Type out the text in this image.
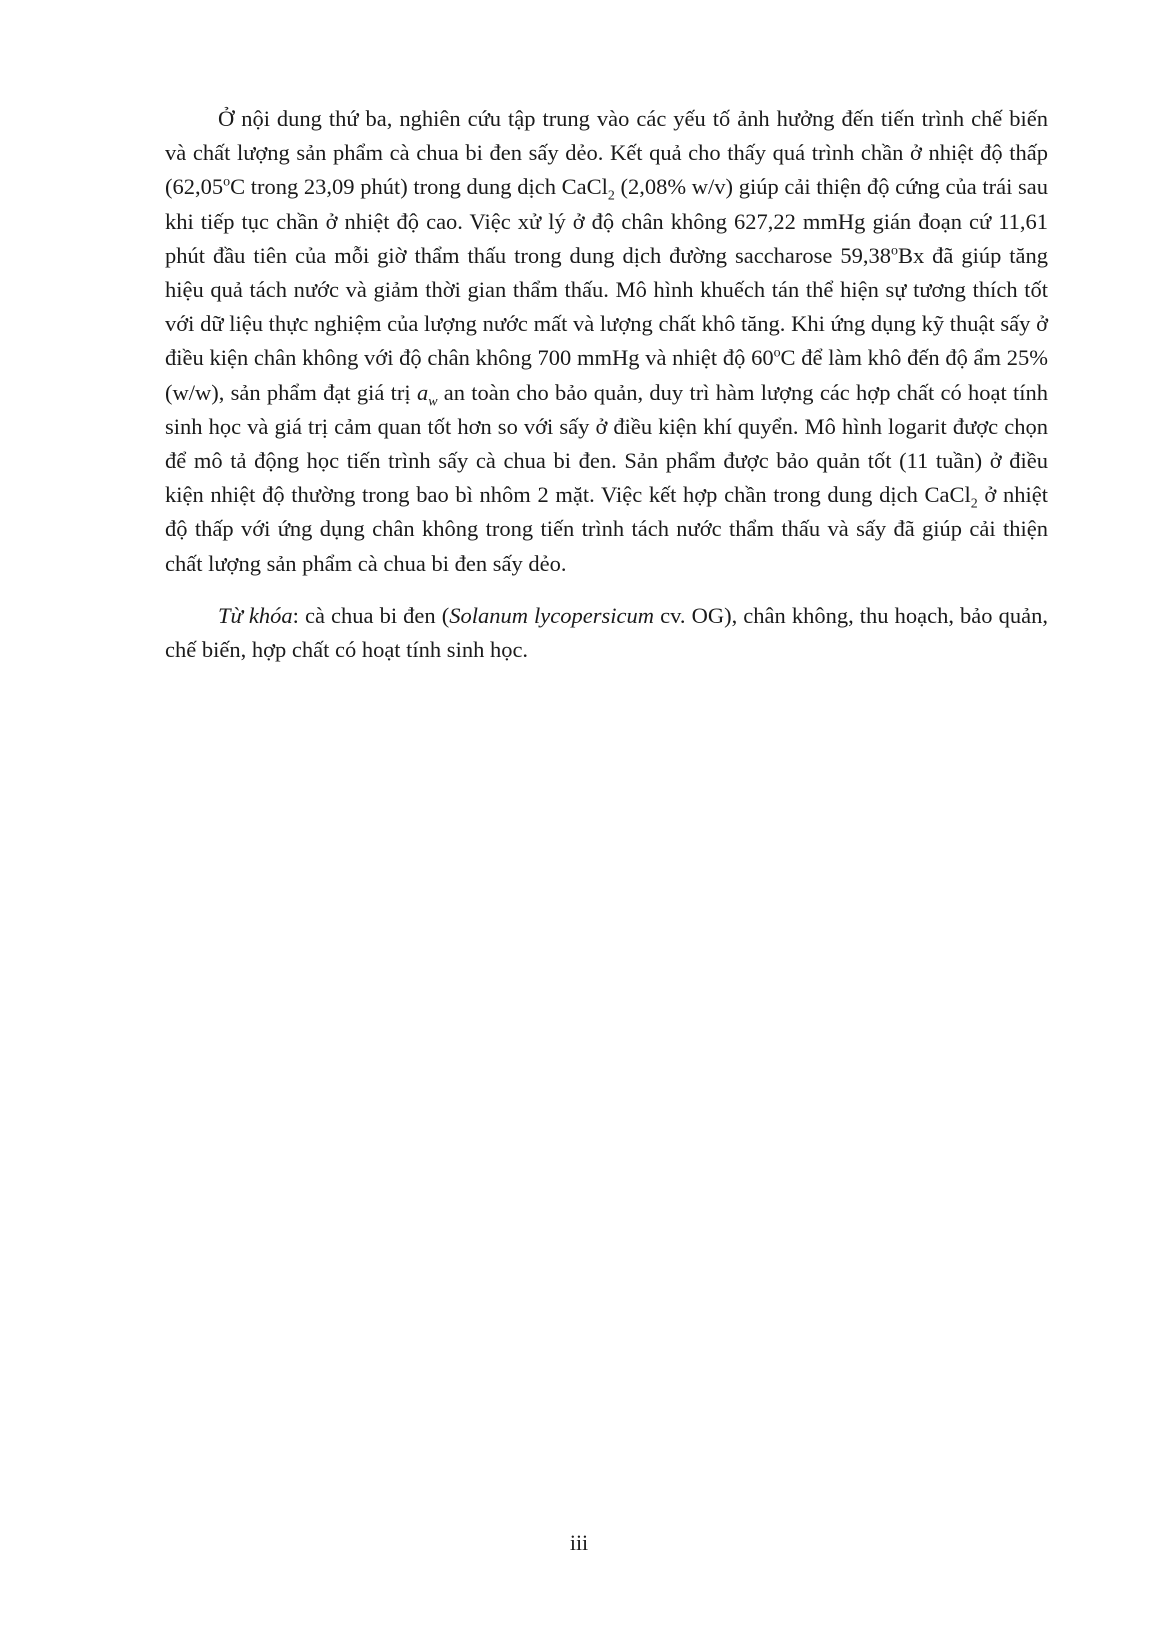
Ở nội dung thứ ba, nghiên cứu tập trung vào các yếu tố ảnh hưởng đến tiến trình chế biến và chất lượng sản phẩm cà chua bi đen sấy dẻo. Kết quả cho thấy quá trình chần ở nhiệt độ thấp (62,05$^o$C trong 23,09 phút) trong dung dịch CaCl$_2$ (2,08% w/v) giúp cải thiện độ cứng của trái sau khi tiếp tục chần ở nhiệt độ cao. Việc xử lý ở độ chân không 627,22 mmHg gián đoạn cứ 11,61 phút đầu tiên của mỗi giờ thẩm thấu trong dung dịch đường saccharose 59,38$^o$Bx đã giúp tăng hiệu quả tách nước và giảm thời gian thẩm thấu. Mô hình khuếch tán thể hiện sự tương thích tốt với dữ liệu thực nghiệm của lượng nước mất và lượng chất khô tăng. Khi ứng dụng kỹ thuật sấy ở điều kiện chân không với độ chân không 700 mmHg và nhiệt độ 60$^o$C để làm khô đến độ ẩm 25% (w/w), sản phẩm đạt giá trị $a_w$ an toàn cho bảo quản, duy trì hàm lượng các hợp chất có hoạt tính sinh học và giá trị cảm quan tốt hơn so với sấy ở điều kiện khí quyển. Mô hình logarit được chọn để mô tả động học tiến trình sấy cà chua bi đen. Sản phẩm được bảo quản tốt (11 tuần) ở điều kiện nhiệt độ thường trong bao bì nhôm 2 mặt. Việc kết hợp chần trong dung dịch CaCl$_2$ ở nhiệt độ thấp với ứng dụng chân không trong tiến trình tách nước thẩm thấu và sấy đã giúp cải thiện chất lượng sản phẩm cà chua bi đen sấy dẻo.

Từ khóa: cà chua bi đen (Solanum lycopersicum cv. OG), chân không, thu hoạch, bảo quản, chế biến, hợp chất có hoạt tính sinh học.

iii
